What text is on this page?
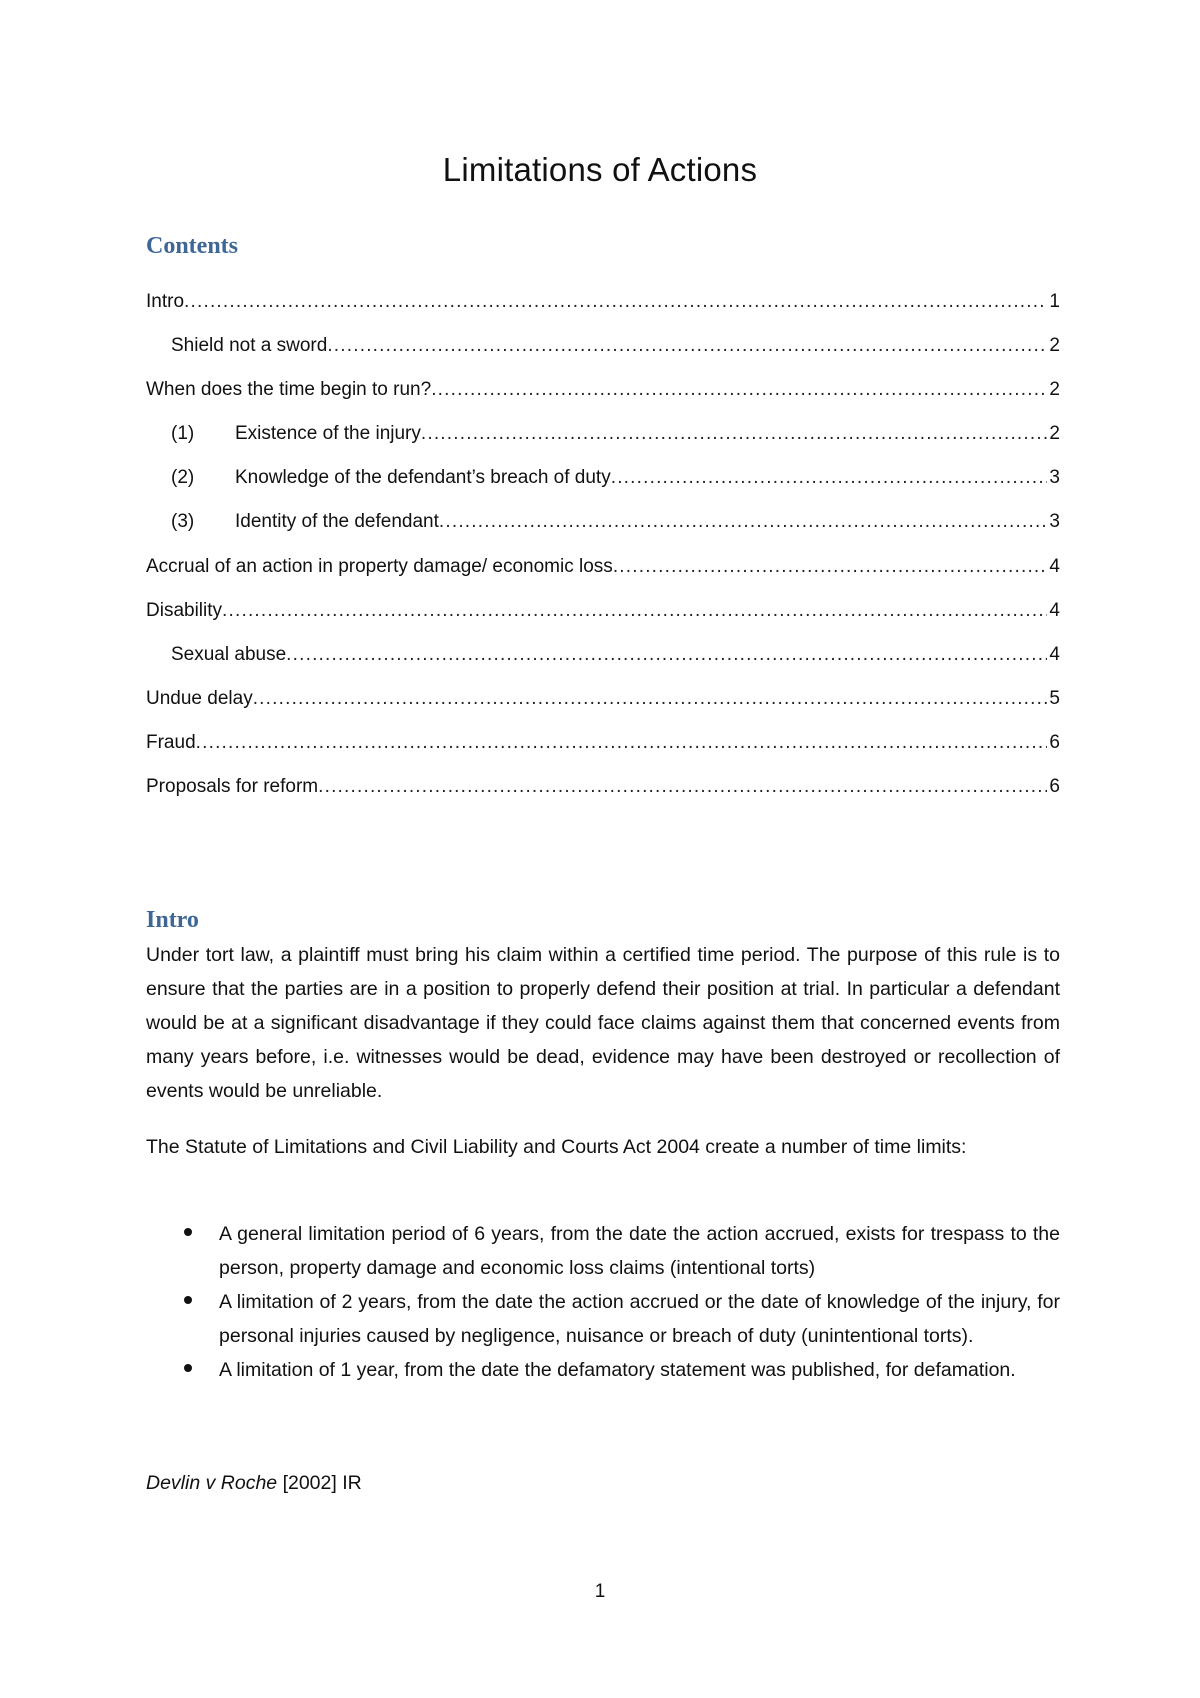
Limitations of Actions
Contents
Intro .....	1
Shield not a sword .....	2
When does the time begin to run? .....	2
(1)	Existence of the injury .....	2
(2)	Knowledge of the defendant’s breach of duty .....	3
(3)	Identity of the defendant .....	3
Accrual of an action in property damage/ economic loss .....	4
Disability .....	4
Sexual abuse .....	4
Undue delay .....	5
Fraud .....	6
Proposals for reform .....	6
Intro

Under tort law, a plaintiff must bring his claim within a certified time period. The purpose of this rule is to ensure that the parties are in a position to properly defend their position at trial. In particular a defendant would be at a significant disadvantage if they could face claims against them that concerned events from many years before, i.e. witnesses would be dead, evidence may have been destroyed or recollection of events would be unreliable.

The Statute of Limitations and Civil Liability and Courts Act 2004 create a number of time limits:

A general limitation period of 6 years, from the date the action accrued, exists for trespass to the person, property damage and economic loss claims (intentional torts)
A limitation of 2 years, from the date the action accrued or the date of knowledge of the injury, for personal injuries caused by negligence, nuisance or breach of duty (unintentional torts).
A limitation of 1 year, from the date the defamatory statement was published, for defamation.

Devlin v Roche [2002] IR

1
